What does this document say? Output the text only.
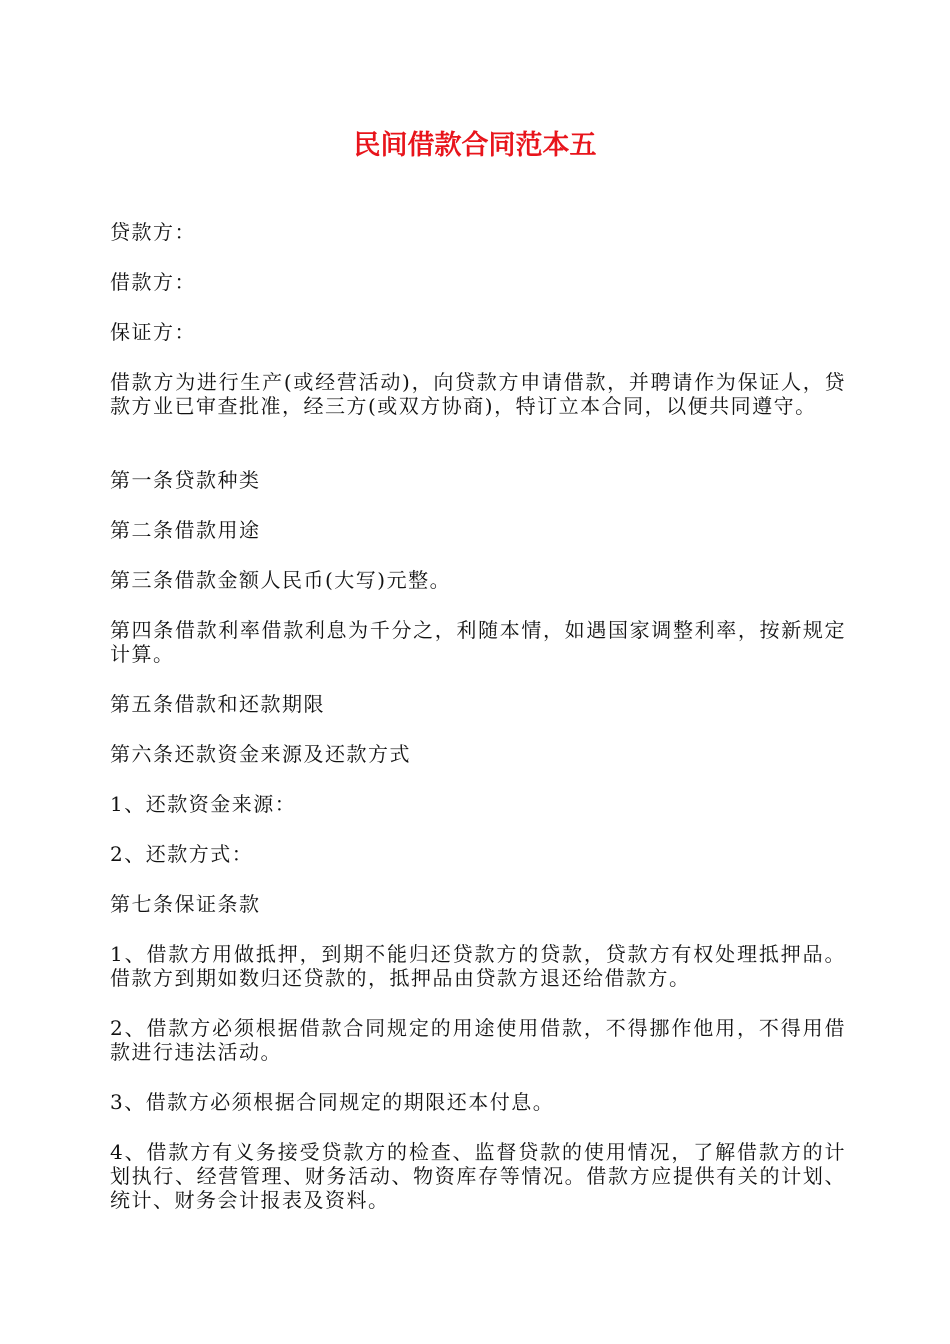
民间借款合同范本五

贷款方：

借款方：

保证方：

借款方为进行生产(或经营活动)，向贷款方申请借款，并聘请作为保证人，贷款方业已审查批准，经三方(或双方协商)，特订立本合同，以便共同遵守。

第一条贷款种类

第二条借款用途

第三条借款金额人民币(大写)元整。

第四条借款利率借款利息为千分之，利随本情，如遇国家调整利率，按新规定计算。

第五条借款和还款期限

第六条还款资金来源及还款方式

1、还款资金来源：

2、还款方式：

第七条保证条款

1、借款方用做抵押，到期不能归还贷款方的贷款，贷款方有权处理抵押品。借款方到期如数归还贷款的，抵押品由贷款方退还给借款方。

2、借款方必须根据借款合同规定的用途使用借款，不得挪作他用，不得用借款进行违法活动。

3、借款方必须根据合同规定的期限还本付息。

4、借款方有义务接受贷款方的检查、监督贷款的使用情况，了解借款方的计划执行、经营管理、财务活动、物资库存等情况。借款方应提供有关的计划、统计、财务会计报表及资料。
